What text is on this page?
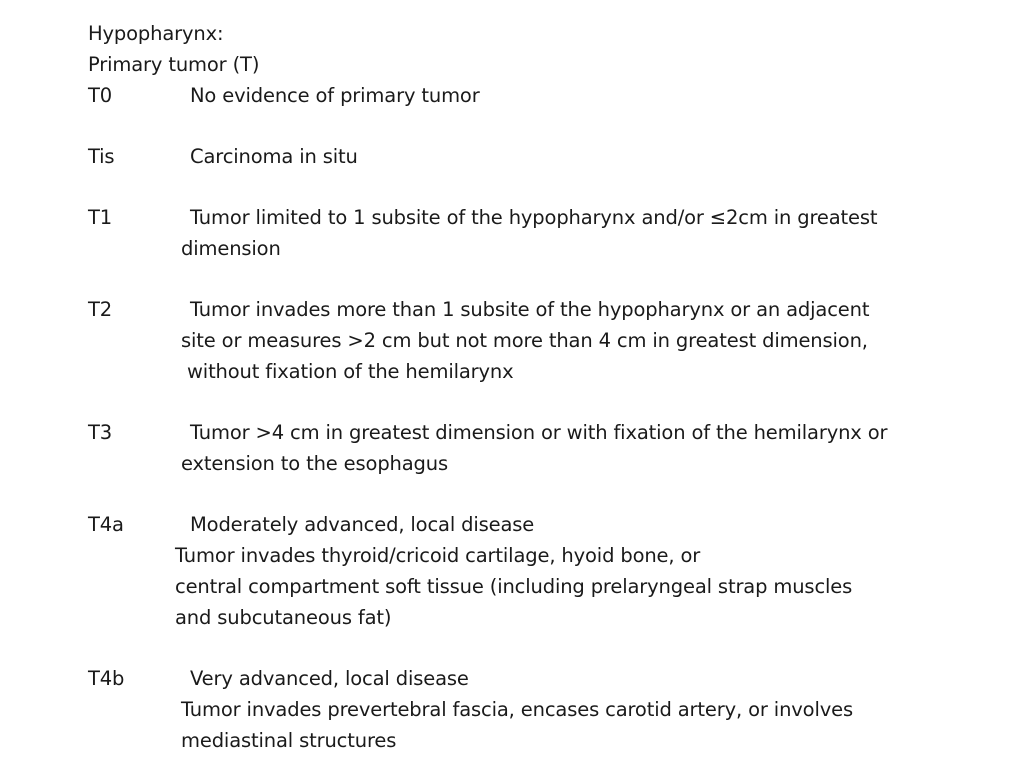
Hypopharynx:
Primary tumor (T)
T0	No evidence of primary tumor
Tis	Carcinoma in situ
T1	Tumor limited to 1 subsite of the hypopharynx and/or ≤2cm in greatest
dimension
T2	Tumor invades more than 1 subsite of the hypopharynx or an adjacent
site or measures >2 cm but not more than 4 cm in greatest dimension,
without fixation of the hemilarynx
T3	Tumor >4 cm in greatest dimension or with fixation of the hemilarynx or
extension to the esophagus
T4a	Moderately advanced, local disease
Tumor invades thyroid/cricoid cartilage, hyoid bone, or
central compartment soft tissue (including prelaryngeal strap muscles
and subcutaneous fat)
T4b	Very advanced, local disease
Tumor invades prevertebral fascia, encases carotid artery, or involves
mediastinal structures
